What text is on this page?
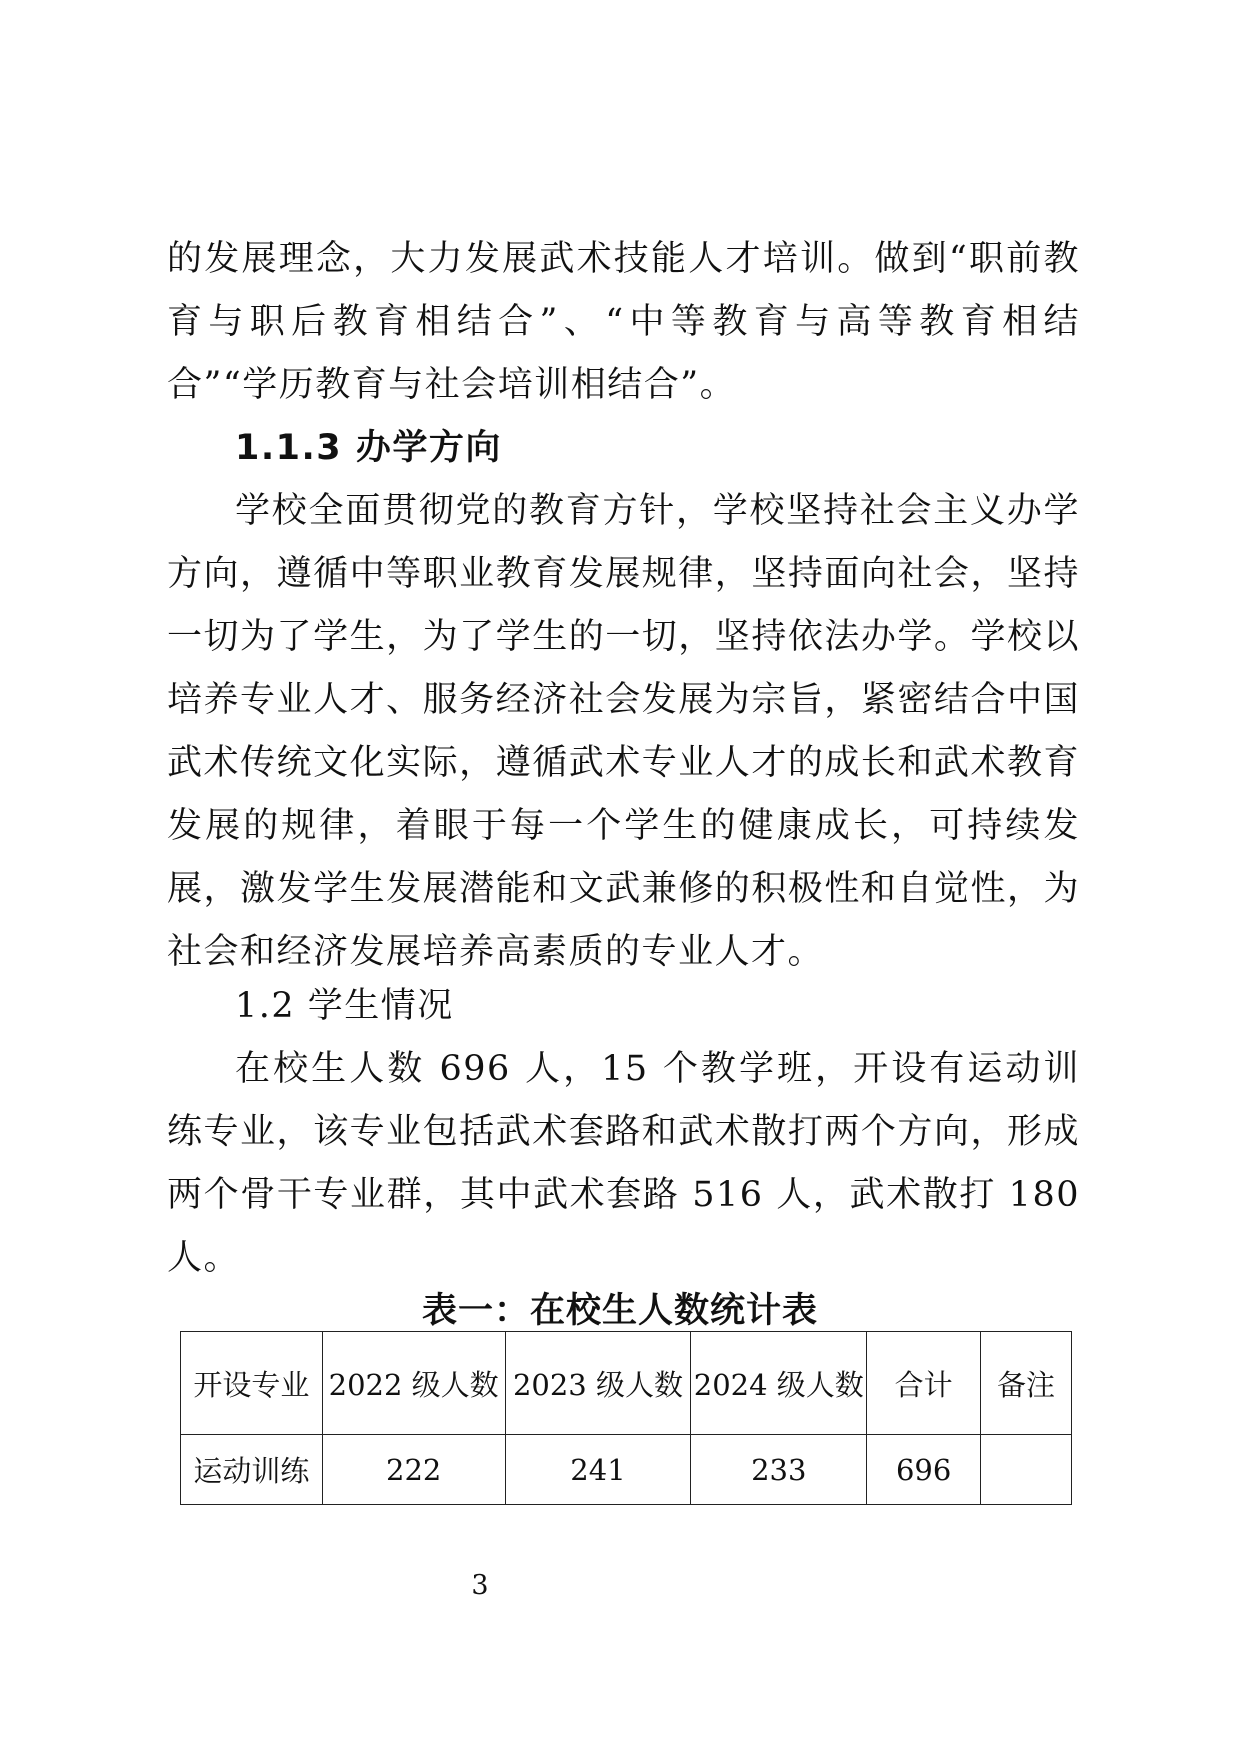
的发展理念，大力发展武术技能人才培训。做到“职前教育与职后教育相结合”、“中等教育与高等教育相结合”“学历教育与社会培训相结合”。

1.1.3 办学方向

学校全面贯彻党的教育方针，学校坚持社会主义办学方向，遵循中等职业教育发展规律，坚持面向社会，坚持一切为了学生，为了学生的一切，坚持依法办学。学校以培养专业人才、服务经济社会发展为宗旨，紧密结合中国武术传统文化实际，遵循武术专业人才的成长和武术教育发展的规律，着眼于每一个学生的健康成长，可持续发展，激发学生发展潜能和文武兼修的积极性和自觉性，为社会和经济发展培养高素质的专业人才。

1.2 学生情况

在校生人数 696 人，15 个教学班，开设有运动训练专业，该专业包括武术套路和武术散打两个方向，形成两个骨干专业群，其中武术套路 516 人，武术散打 180 人。

表一：在校生人数统计表
开设专业	2022 级人数	2023 级人数	2024 级人数	合计	备注
运动训练	222	241	233	696	
3
